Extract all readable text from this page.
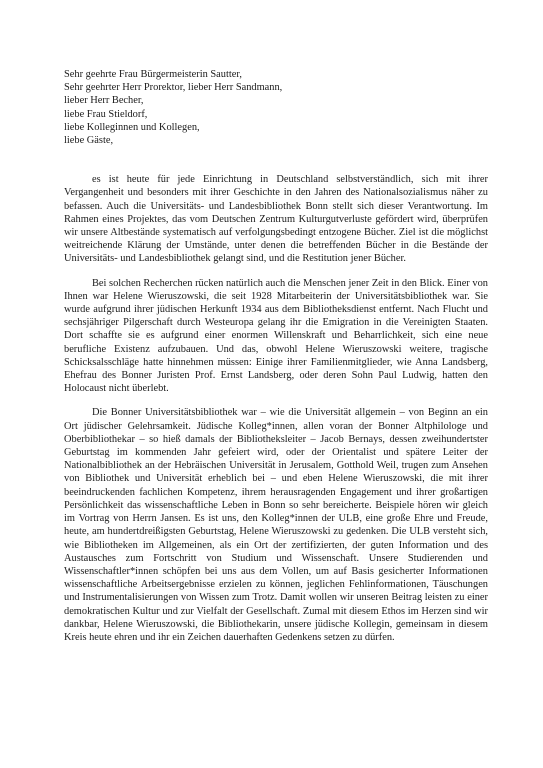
Sehr geehrte Frau Bürgermeisterin Sautter,
Sehr geehrter Herr Prorektor, lieber Herr Sandmann,
lieber Herr Becher,
liebe Frau Stieldorf,
liebe Kolleginnen und Kollegen,
liebe Gäste,

es ist heute für jede Einrichtung in Deutschland selbstverständlich, sich mit ihrer Vergangenheit und besonders mit ihrer Geschichte in den Jahren des Nationalsozialismus näher zu befassen. Auch die Universitäts- und Landesbibliothek Bonn stellt sich dieser Verantwortung. Im Rahmen eines Projektes, das vom Deutschen Zentrum Kulturgutverluste gefördert wird, überprüfen wir unsere Altbestände systematisch auf verfolgungsbedingt entzogene Bücher. Ziel ist die möglichst weitreichende Klärung der Umstände, unter denen die betreffenden Bücher in die Bestände der Universitäts- und Landesbibliothek gelangt sind, und die Restitution jener Bücher.

Bei solchen Recherchen rücken natürlich auch die Menschen jener Zeit in den Blick. Einer von Ihnen war Helene Wieruszowski, die seit 1928 Mitarbeiterin der Universitätsbibliothek war. Sie wurde aufgrund ihrer jüdischen Herkunft 1934 aus dem Bibliotheksdienst entfernt. Nach Flucht und sechsjähriger Pilgerschaft durch Westeuropa gelang ihr die Emigration in die Vereinigten Staaten. Dort schaffte sie es aufgrund einer enormen Willenskraft und Beharrlichkeit, sich eine neue berufliche Existenz aufzubauen. Und das, obwohl Helene Wieruszowski weitere, tragische Schicksalsschläge hatte hinnehmen müssen: Einige ihrer Familienmitglieder, wie Anna Landsberg, Ehefrau des Bonner Juristen Prof. Ernst Landsberg, oder deren Sohn Paul Ludwig, hatten den Holocaust nicht überlebt.

Die Bonner Universitätsbibliothek war – wie die Universität allgemein – von Beginn an ein Ort jüdischer Gelehrsamkeit. Jüdische Kolleg*innen, allen voran der Bonner Altphilologe und Oberbibliothekar – so hieß damals der Bibliotheksleiter – Jacob Bernays, dessen zweihundertster Geburtstag im kommenden Jahr gefeiert wird, oder der Orientalist und spätere Leiter der Nationalbibliothek an der Hebräischen Universität in Jerusalem, Gotthold Weil, trugen zum Ansehen von Bibliothek und Universität erheblich bei – und eben Helene Wieruszowski, die mit ihrer beeindruckenden fachlichen Kompetenz, ihrem herausragenden Engagement und ihrer großartigen Persönlichkeit das wissenschaftliche Leben in Bonn so sehr bereicherte. Beispiele hören wir gleich im Vortrag von Herrn Jansen. Es ist uns, den Kolleg*innen der ULB, eine große Ehre und Freude, heute, am hundertdreißigsten Geburtstag, Helene Wieruszowski zu gedenken. Die ULB versteht sich, wie Bibliotheken im Allgemeinen, als ein Ort der zertifizierten, der guten Information und des Austausches zum Fortschritt von Studium und Wissenschaft. Unsere Studierenden und Wissenschaftler*innen schöpfen bei uns aus dem Vollen, um auf Basis gesicherter Informationen wissenschaftliche Arbeitsergebnisse erzielen zu können, jeglichen Fehlinformationen, Täuschungen und Instrumentalisierungen von Wissen zum Trotz. Damit wollen wir unseren Beitrag leisten zu einer demokratischen Kultur und zur Vielfalt der Gesellschaft. Zumal mit diesem Ethos im Herzen sind wir dankbar, Helene Wieruszowski, die Bibliothekarin, unsere jüdische Kollegin, gemeinsam in diesem Kreis heute ehren und ihr ein Zeichen dauerhaften Gedenkens setzen zu dürfen.
